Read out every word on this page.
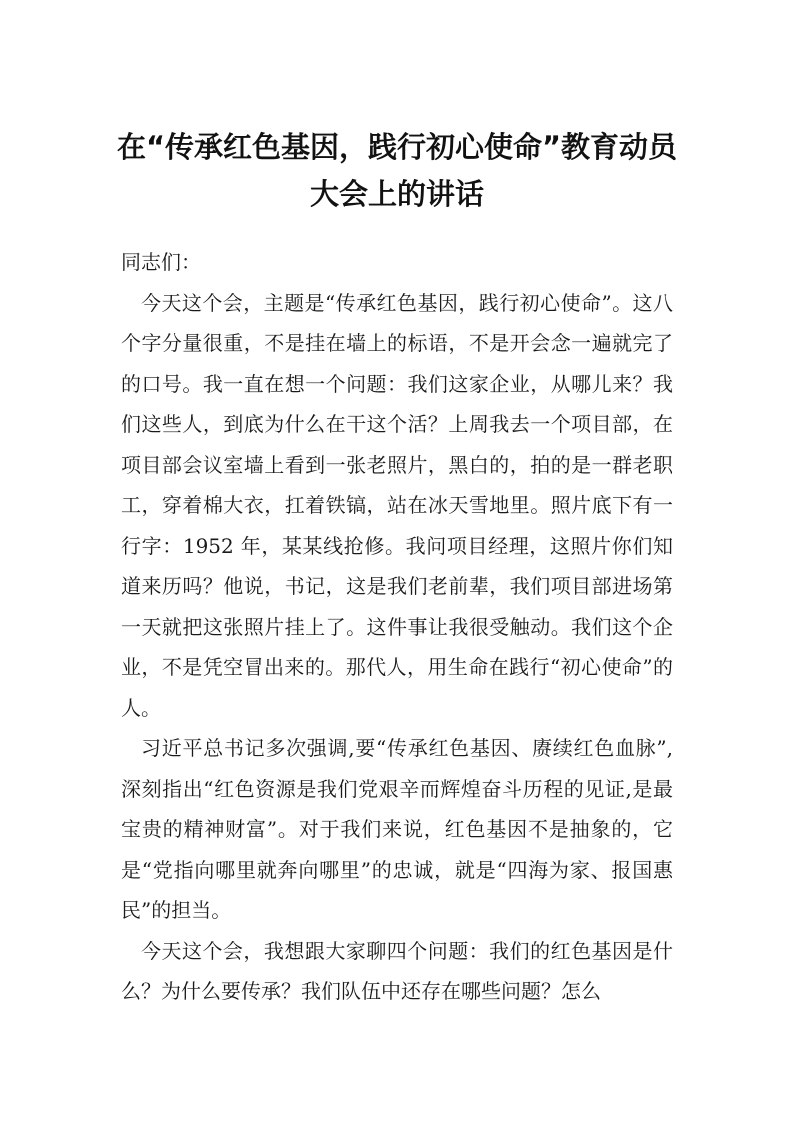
在“传承红色基因，践行初心使命”教育动员大会上的讲话

同志们：

今天这个会，主题是“传承红色基因，践行初心使命”。这八个字分量很重，不是挂在墙上的标语，不是开会念一遍就完了的口号。我一直在想一个问题：我们这家企业，从哪儿来？我们这些人，到底为什么在干这个活？上周我去一个项目部，在项目部会议室墙上看到一张老照片，黑白的，拍的是一群老职工，穿着棉大衣，扛着铁镐，站在冰天雪地里。照片底下有一行字：1952 年，某某线抢修。我问项目经理，这照片你们知道来历吗？他说，书记，这是我们老前辈，我们项目部进场第一天就把这张照片挂上了。这件事让我很受触动。我们这个企业，不是凭空冒出来的。那代人，用生命在践行“初心使命”的人。

习近平总书记多次强调,要“传承红色基因、赓续红色血脉”,深刻指出“红色资源是我们党艰辛而辉煌奋斗历程的见证,是最宝贵的精神财富”。对于我们来说，红色基因不是抽象的，它是“党指向哪里就奔向哪里”的忠诚，就是“四海为家、报国惠民”的担当。

今天这个会，我想跟大家聊四个问题：我们的红色基因是什么？为什么要传承？我们队伍中还存在哪些问题？怎么
